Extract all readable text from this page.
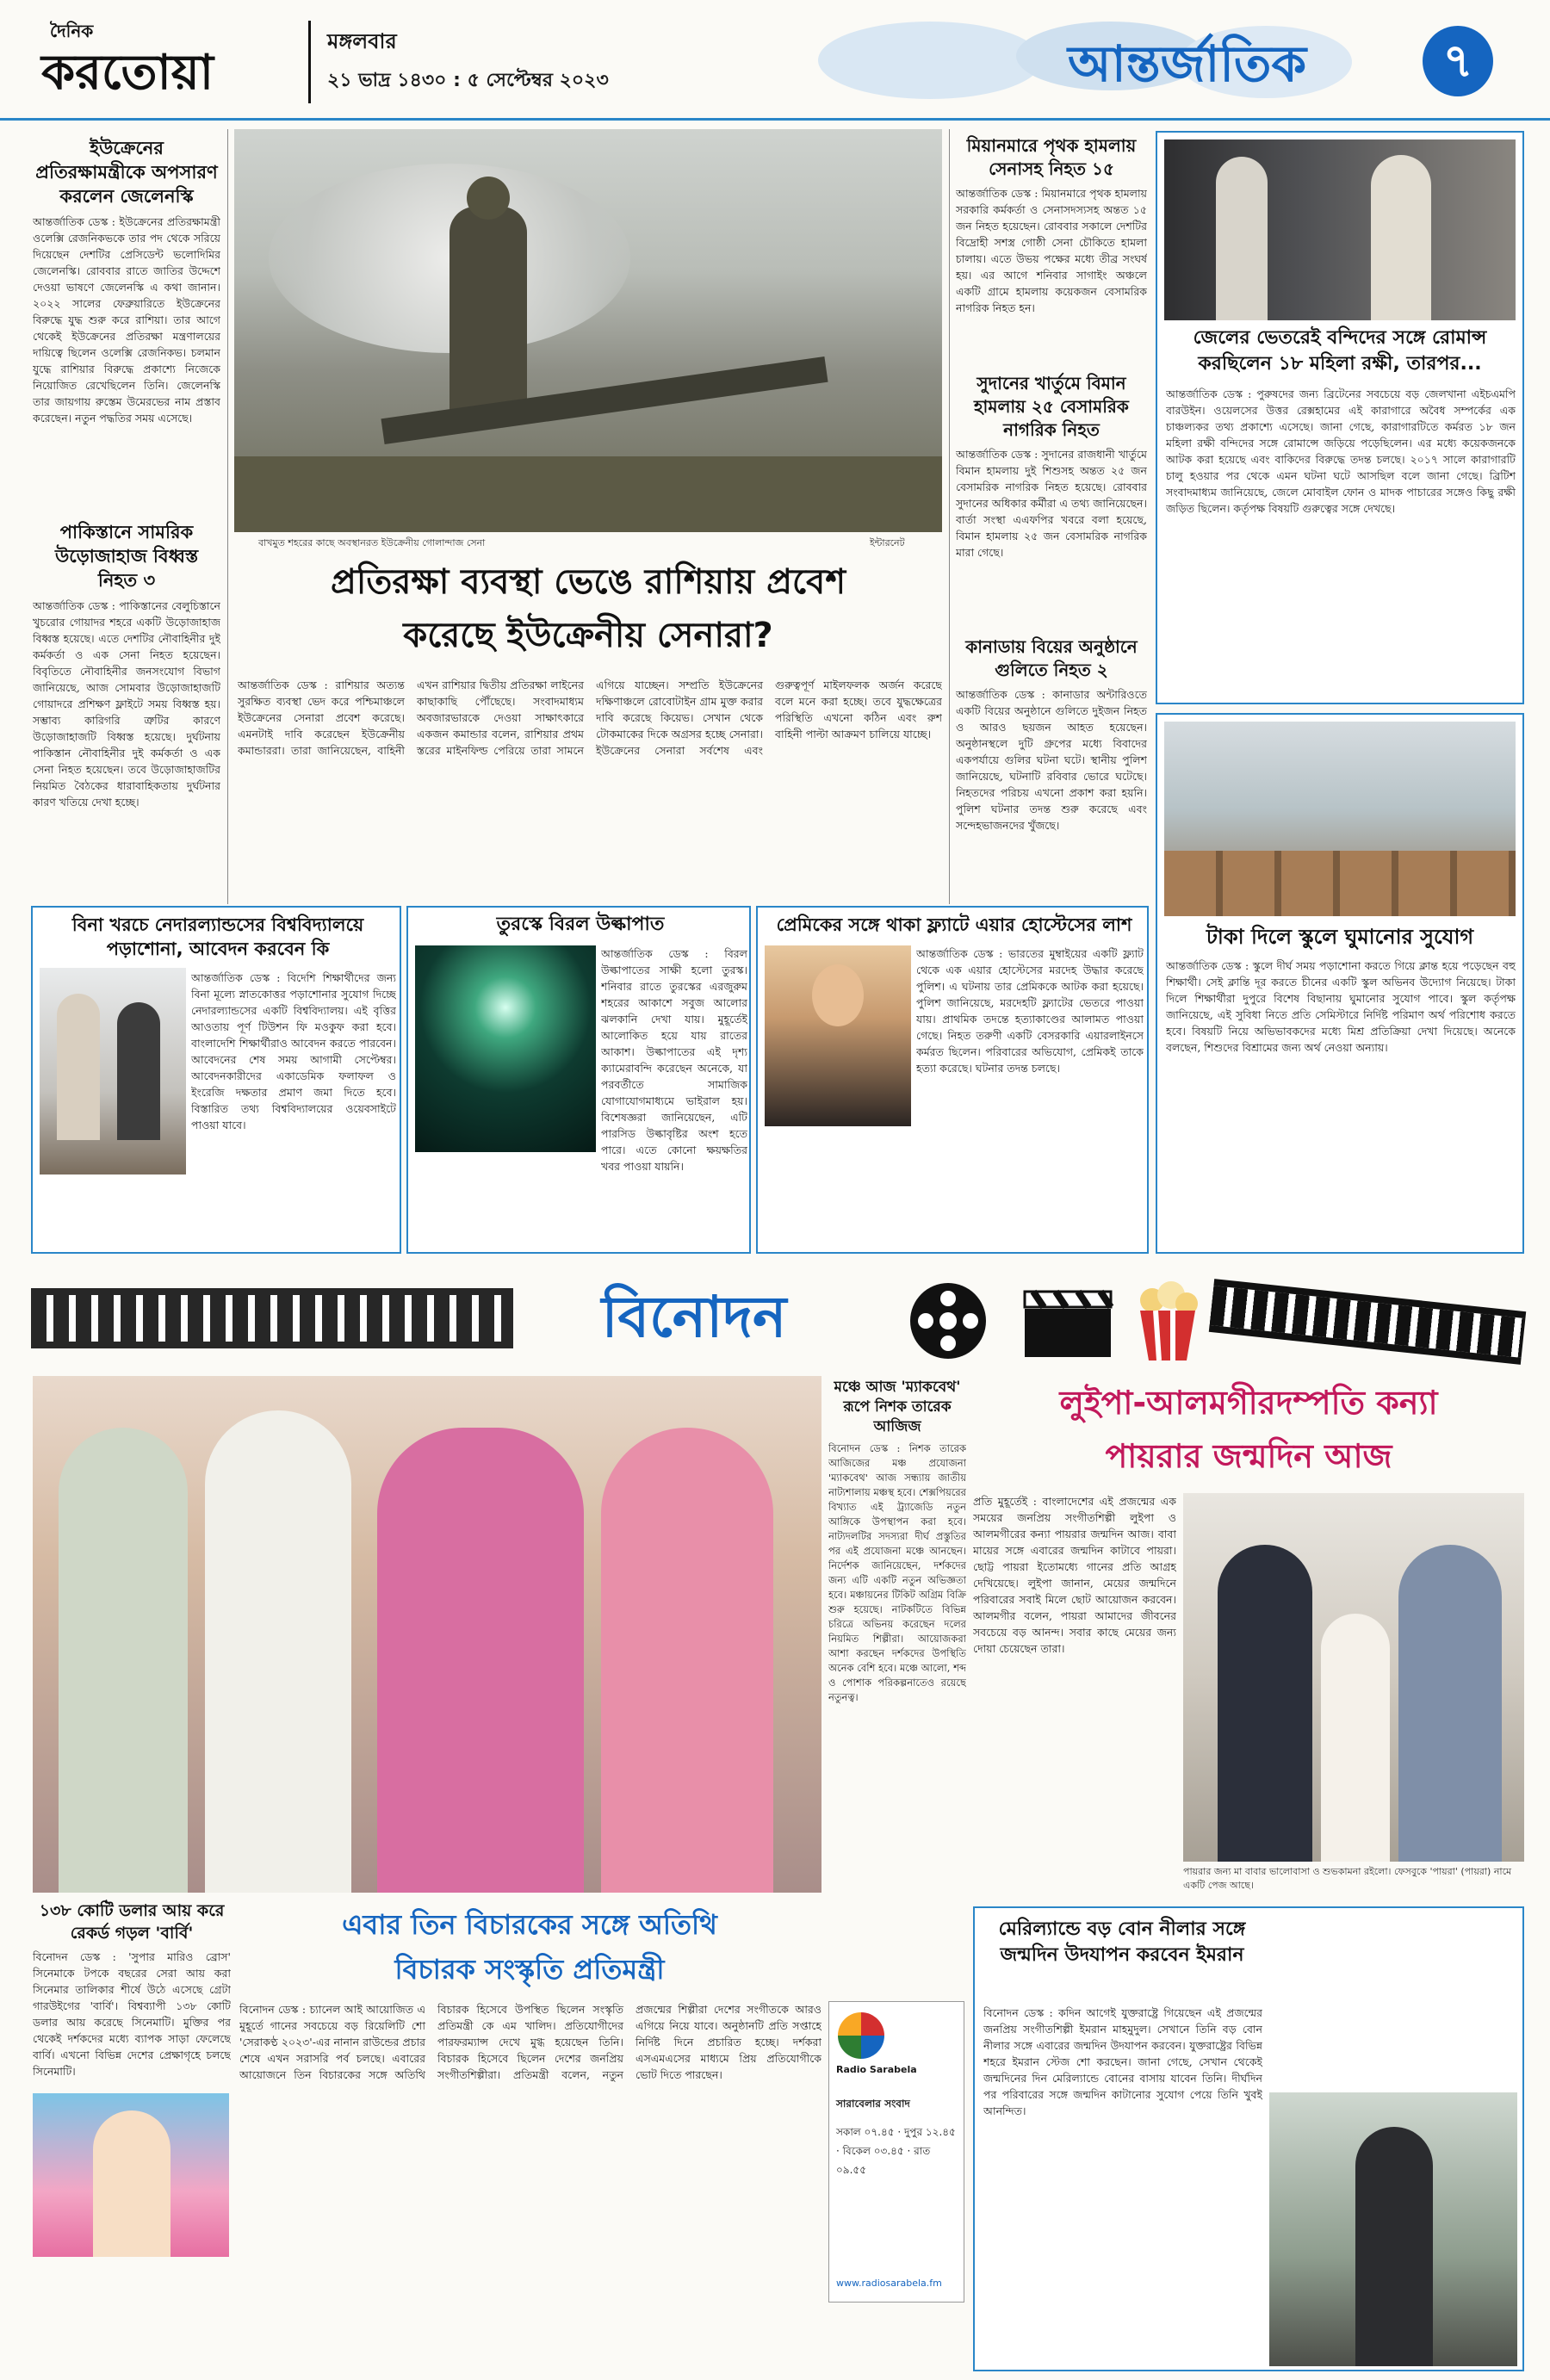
দৈনিক
করতোয়া
মঙ্গলবার
২১ ভাদ্র ১৪৩০ : ৫ সেপ্টেম্বর ২০২৩	আন্তর্জাতিক	৭
ইউক্রেনের প্রতিরক্ষামন্ত্রীকে অপসারণ করলেন জেলেনস্কি
আন্তর্জাতিক ডেস্ক : ইউক্রেনের প্রতিরক্ষামন্ত্রী ওলেক্সি রেজনিকভকে তার পদ থেকে সরিয়ে দিয়েছেন দেশটির প্রেসিডেন্ট ভলোদিমির জেলেনস্কি। রোববার রাতে জাতির উদ্দেশে দেওয়া ভাষণে জেলেনস্কি এ কথা জানান। ২০২২ সালের ফেব্রুয়ারিতে ইউক্রেনের বিরুদ্ধে যুদ্ধ শুরু করে রাশিয়া। তার আগে থেকেই ইউক্রেনের প্রতিরক্ষা মন্ত্রণালয়ের দায়িত্বে ছিলেন ওলেক্সি রেজনিকভ। চলমান যুদ্ধে রাশিয়ার বিরুদ্ধে প্রকাশ্যে নিজেকে নিয়োজিত রেখেছিলেন তিনি। জেলেনস্কি তার জায়গায় রুস্তেম উমেরভের নাম প্রস্তাব করেছেন। নতুন পদ্ধতির সময় এসেছে।
পাকিস্তানে সামরিক উড়োজাহাজ বিধ্বস্ত নিহত ৩
আন্তর্জাতিক ডেস্ক : পাকিস্তানের বেলুচিস্তানে খুচরোর গোয়াদর শহরে একটি উড়োজাহাজ বিধ্বস্ত হয়েছে। এতে দেশটির নৌবাহিনীর দুই কর্মকর্তা ও এক সেনা নিহত হয়েছেন। বিবৃতিতে নৌবাহিনীর জনসংযোগ বিভাগ জানিয়েছে, আজ সোমবার উড়োজাহাজটি গোয়াদরে প্রশিক্ষণ ফ্লাইটে সময় বিধ্বস্ত হয়। সম্ভাব্য কারিগরি ত্রুটির কারণে উড়োজাহাজটি বিধ্বস্ত হয়েছে। দুর্ঘটনায় পাকিস্তান নৌবাহিনীর দুই কর্মকর্তা ও এক সেনা নিহত হয়েছেন। তবে উড়োজাহাজটির নিয়মিত বৈঠকের ধারাবাহিকতায় দুর্ঘটনার কারণ খতিয়ে দেখা হচ্ছে।
বাখমুত শহরের কাছে অবস্থানরত ইউক্রেনীয় গোলান্দাজ সেনা	ইন্টারনেট
প্রতিরক্ষা ব্যবস্থা ভেঙে রাশিয়ায় প্রবেশ
করেছে ইউক্রেনীয় সেনারা?
আন্তর্জাতিক ডেস্ক : রাশিয়ার অত্যন্ত সুরক্ষিত ব্যবস্থা ভেদ করে পশ্চিমাঞ্চলে ইউক্রেনের সেনারা প্রবেশ করেছে। এমনটাই দাবি করেছেন ইউক্রেনীয় কমান্ডাররা। তারা জানিয়েছেন, বাহিনী এখন রাশিয়ার দ্বিতীয় প্রতিরক্ষা লাইনের কাছাকাছি পৌঁছেছে। সংবাদমাধ্যম অবজারভারকে দেওয়া সাক্ষাৎকারে একজন কমান্ডার বলেন, রাশিয়ার প্রথম স্তরের মাইনফিল্ড পেরিয়ে তারা সামনে এগিয়ে যাচ্ছেন। সম্প্রতি ইউক্রেনের দক্ষিণাঞ্চলে রোবোটাইন গ্রাম মুক্ত করার দাবি করেছে কিয়েভ। সেখান থেকে টোকমাকের দিকে অগ্রসর হচ্ছে সেনারা। ইউক্রেনের সেনারা সর্বশেষ এবং গুরুত্বপূর্ণ মাইলফলক অর্জন করেছে বলে মনে করা হচ্ছে। তবে যুদ্ধক্ষেত্রের পরিস্থিতি এখনো কঠিন এবং রুশ বাহিনী পাল্টা আক্রমণ চালিয়ে যাচ্ছে।
মিয়ানমারে পৃথক হামলায় সেনাসহ নিহত ১৫
আন্তর্জাতিক ডেস্ক : মিয়ানমারে পৃথক হামলায় সরকারি কর্মকর্তা ও সেনাসদস্যসহ অন্তত ১৫ জন নিহত হয়েছেন। রোববার সকালে দেশটির বিদ্রোহী সশস্ত্র গোষ্ঠী সেনা চৌকিতে হামলা চালায়। এতে উভয় পক্ষের মধ্যে তীব্র সংঘর্ষ হয়। এর আগে শনিবার সাগাইং অঞ্চলে একটি গ্রামে হামলায় কয়েকজন বেসামরিক নাগরিক নিহত হন।
সুদানের খার্তুমে বিমান হামলায় ২৫ বেসামরিক নাগরিক নিহত
আন্তর্জাতিক ডেস্ক : সুদানের রাজধানী খার্তুমে বিমান হামলায় দুই শিশুসহ অন্তত ২৫ জন বেসামরিক নাগরিক নিহত হয়েছে। রোববার সুদানের অধিকার কর্মীরা এ তথ্য জানিয়েছেন। বার্তা সংস্থা এএফপির খবরে বলা হয়েছে, বিমান হামলায় ২৫ জন বেসামরিক নাগরিক মারা গেছে।
কানাডায় বিয়ের অনুষ্ঠানে গুলিতে নিহত ২
আন্তর্জাতিক ডেস্ক : কানাডার অন্টারিওতে একটি বিয়ের অনুষ্ঠানে গুলিতে দুইজন নিহত ও আরও ছয়জন আহত হয়েছেন। অনুষ্ঠানস্থলে দুটি গ্রুপের মধ্যে বিবাদের একপর্যায়ে গুলির ঘটনা ঘটে। স্থানীয় পুলিশ জানিয়েছে, ঘটনাটি রবিবার ভোরে ঘটেছে। নিহতদের পরিচয় এখনো প্রকাশ করা হয়নি। পুলিশ ঘটনার তদন্ত শুরু করেছে এবং সন্দেহভাজনদের খুঁজছে।
জেলের ভেতরেই বন্দিদের সঙ্গে রোমান্স করছিলেন ১৮ মহিলা রক্ষী, তারপর...
আন্তর্জাতিক ডেস্ক : পুরুষদের জন্য ব্রিটেনের সবচেয়ে বড় জেলখানা এইচএমপি বারউইন। ওয়েলসের উত্তর রেক্সহামের এই কারাগারে অবৈধ সম্পর্কের এক চাঞ্চল্যকর তথ্য প্রকাশ্যে এসেছে। জানা গেছে, কারাগারটিতে কর্মরত ১৮ জন মহিলা রক্ষী বন্দিদের সঙ্গে রোমান্সে জড়িয়ে পড়েছিলেন। এর মধ্যে কয়েকজনকে আটক করা হয়েছে এবং বাকিদের বিরুদ্ধে তদন্ত চলছে। ২০১৭ সালে কারাগারটি চালু হওয়ার পর থেকে এমন ঘটনা ঘটে আসছিল বলে জানা গেছে। ব্রিটিশ সংবাদমাধ্যম জানিয়েছে, জেলে মোবাইল ফোন ও মাদক পাচারের সঙ্গেও কিছু রক্ষী জড়িত ছিলেন। কর্তৃপক্ষ বিষয়টি গুরুত্বের সঙ্গে দেখছে।
টাকা দিলে স্কুলে ঘুমানোর সুযোগ
আন্তর্জাতিক ডেস্ক : স্কুলে দীর্ঘ সময় পড়াশোনা করতে গিয়ে ক্লান্ত হয়ে পড়েছেন বহু শিক্ষার্থী। সেই ক্লান্তি দূর করতে চীনের একটি স্কুল অভিনব উদ্যোগ নিয়েছে। টাকা দিলে শিক্ষার্থীরা দুপুরে বিশেষ বিছানায় ঘুমানোর সুযোগ পাবে। স্কুল কর্তৃপক্ষ জানিয়েছে, এই সুবিধা নিতে প্রতি সেমিস্টারে নির্দিষ্ট পরিমাণ অর্থ পরিশোধ করতে হবে। বিষয়টি নিয়ে অভিভাবকদের মধ্যে মিশ্র প্রতিক্রিয়া দেখা দিয়েছে। অনেকে বলছেন, শিশুদের বিশ্রামের জন্য অর্থ নেওয়া অন্যায়।
বিনা খরচে নেদারল্যান্ডসের বিশ্ববিদ্যালয়ে পড়াশোনা, আবেদন করবেন কি
আন্তর্জাতিক ডেস্ক : বিদেশি শিক্ষার্থীদের জন্য বিনা মূল্যে স্নাতকোত্তর পড়াশোনার সুযোগ দিচ্ছে নেদারল্যান্ডসের একটি বিশ্ববিদ্যালয়। এই বৃত্তির আওতায় পূর্ণ টিউশন ফি মওকুফ করা হবে। বাংলাদেশি শিক্ষার্থীরাও আবেদন করতে পারবেন। আবেদনের শেষ সময় আগামী সেপ্টেম্বর। আবেদনকারীদের একাডেমিক ফলাফল ও ইংরেজি দক্ষতার প্রমাণ জমা দিতে হবে। বিস্তারিত তথ্য বিশ্ববিদ্যালয়ের ওয়েবসাইটে পাওয়া যাবে।
তুরস্কে বিরল উল্কাপাত
আন্তর্জাতিক ডেস্ক : বিরল উল্কাপাতের সাক্ষী হলো তুরস্ক। শনিবার রাতে তুরস্কের এরজুরুম শহরের আকাশে সবুজ আলোর ঝলকানি দেখা যায়। মুহূর্তেই আলোকিত হয়ে যায় রাতের আকাশ। উল্কাপাতের এই দৃশ্য ক্যামেরাবন্দি করেছেন অনেকে, যা পরবর্তীতে সামাজিক যোগাযোগমাধ্যমে ভাইরাল হয়। বিশেষজ্ঞরা জানিয়েছেন, এটি পারসিড উল্কাবৃষ্টির অংশ হতে পারে। এতে কোনো ক্ষয়ক্ষতির খবর পাওয়া যায়নি।
প্রেমিকের সঙ্গে থাকা ফ্ল্যাটে এয়ার হোস্টেসের লাশ
আন্তর্জাতিক ডেস্ক : ভারতের মুম্বাইয়ের একটি ফ্ল্যাট থেকে এক এয়ার হোস্টেসের মরদেহ উদ্ধার করেছে পুলিশ। এ ঘটনায় তার প্রেমিককে আটক করা হয়েছে। পুলিশ জানিয়েছে, মরদেহটি ফ্ল্যাটের ভেতরে পাওয়া যায়। প্রাথমিক তদন্তে হত্যাকাণ্ডের আলামত পাওয়া গেছে। নিহত তরুণী একটি বেসরকারি এয়ারলাইনসে কর্মরত ছিলেন। পরিবারের অভিযোগ, প্রেমিকই তাকে হত্যা করেছে। ঘটনার তদন্ত চলছে।
বিনোদন
মঞ্চে আজ 'ম্যাকবেথ' রূপে নিশক তারেক আজিজ
বিনোদন ডেস্ক : নিশক তারেক আজিজের মঞ্চ প্রযোজনা 'ম্যাকবেথ' আজ সন্ধ্যায় জাতীয় নাট্যশালায় মঞ্চস্থ হবে। শেক্সপিয়রের বিখ্যাত এই ট্র্যাজেডি নতুন আঙ্গিকে উপস্থাপন করা হবে। নাট্যদলটির সদস্যরা দীর্ঘ প্রস্তুতির পর এই প্রযোজনা মঞ্চে আনছেন। নির্দেশক জানিয়েছেন, দর্শকদের জন্য এটি একটি নতুন অভিজ্ঞতা হবে। মঞ্চায়নের টিকিট অগ্রিম বিক্রি শুরু হয়েছে। নাটকটিতে বিভিন্ন চরিত্রে অভিনয় করেছেন দলের নিয়মিত শিল্পীরা। আয়োজকরা আশা করছেন দর্শকদের উপস্থিতি অনেক বেশি হবে। মঞ্চে আলো, শব্দ ও পোশাক পরিকল্পনাতেও রয়েছে নতুনত্ব।
Radio Sarabela
সারাবেলার সংবাদ
সকাল ০৭.৪৫ · দুপুর ১২.৪৫ · বিকেল ০৩.৪৫ · রাত ০৯.৫৫
www.radiosarabela.fm
লুইপা-আলমগীরদম্পতি কন্যা
পায়রার জন্মদিন আজ
প্রতি মুহূর্তেই : বাংলাদেশের এই প্রজন্মের এক সময়ের জনপ্রিয় সংগীতশিল্পী লুইপা ও আলমগীরের কন্যা পায়রার জন্মদিন আজ। বাবা মায়ের সঙ্গে এবারের জন্মদিন কাটাবে পায়রা। ছোট্ট পায়রা ইতোমধ্যে গানের প্রতি আগ্রহ দেখিয়েছে। লুইপা জানান, মেয়ের জন্মদিনে পরিবারের সবাই মিলে ছোট আয়োজন করবেন। আলমগীর বলেন, পায়রা আমাদের জীবনের সবচেয়ে বড় আনন্দ। সবার কাছে মেয়ের জন্য দোয়া চেয়েছেন তারা।
পায়রার জন্য মা বাবার ভালোবাসা ও শুভকামনা রইলো। ফেসবুকে 'পায়রা' (পায়রা) নামে একটি পেজ আছে।
মেরিল্যান্ডে বড় বোন নীলার সঙ্গে জন্মদিন উদযাপন করবেন ইমরান
বিনোদন ডেস্ক : কদিন আগেই যুক্তরাষ্ট্রে গিয়েছেন এই প্রজন্মের জনপ্রিয় সংগীতশিল্পী ইমরান মাহমুদুল। সেখানে তিনি বড় বোন নীলার সঙ্গে এবারের জন্মদিন উদযাপন করবেন। যুক্তরাষ্ট্রের বিভিন্ন শহরে ইমরান স্টেজ শো করছেন। জানা গেছে, সেখান থেকেই জন্মদিনের দিন মেরিল্যান্ডে বোনের বাসায় যাবেন তিনি। দীর্ঘদিন পর পরিবারের সঙ্গে জন্মদিন কাটানোর সুযোগ পেয়ে তিনি খুবই আনন্দিত।
১৩৮ কোটি ডলার আয় করে রেকর্ড গড়ল 'বার্বি'
বিনোদন ডেস্ক : 'সুপার মারিও ব্রোস' সিনেমাকে টপকে বছরের সেরা আয় করা সিনেমার তালিকার শীর্ষে উঠে এসেছে গ্রেটা গারউইগের 'বার্বি'। বিশ্বব্যাপী ১৩৮ কোটি ডলার আয় করেছে সিনেমাটি। মুক্তির পর থেকেই দর্শকদের মধ্যে ব্যাপক সাড়া ফেলেছে বার্বি। এখনো বিভিন্ন দেশের প্রেক্ষাগৃহে চলছে সিনেমাটি।
এবার তিন বিচারকের সঙ্গে অতিথি
বিচারক সংস্কৃতি প্রতিমন্ত্রী
বিনোদন ডেস্ক : চ্যানেল আই আয়োজিত এ মুহূর্তে গানের সবচেয়ে বড় রিয়েলিটি শো 'সেরাকণ্ঠ ২০২৩'-এর নানান রাউন্ডের প্রচার শেষে এখন সরাসরি পর্ব চলছে। এবারের আয়োজনে তিন বিচারকের সঙ্গে অতিথি বিচারক হিসেবে উপস্থিত ছিলেন সংস্কৃতি প্রতিমন্ত্রী কে এম খালিদ। প্রতিযোগীদের পারফরম্যান্স দেখে মুগ্ধ হয়েছেন তিনি। বিচারক হিসেবে ছিলেন দেশের জনপ্রিয় সংগীতশিল্পীরা। প্রতিমন্ত্রী বলেন, নতুন প্রজন্মের শিল্পীরা দেশের সংগীতকে আরও এগিয়ে নিয়ে যাবে। অনুষ্ঠানটি প্রতি সপ্তাহে নির্দিষ্ট দিনে প্রচারিত হচ্ছে। দর্শকরা এসএমএসের মাধ্যমে প্রিয় প্রতিযোগীকে ভোট দিতে পারছেন।
